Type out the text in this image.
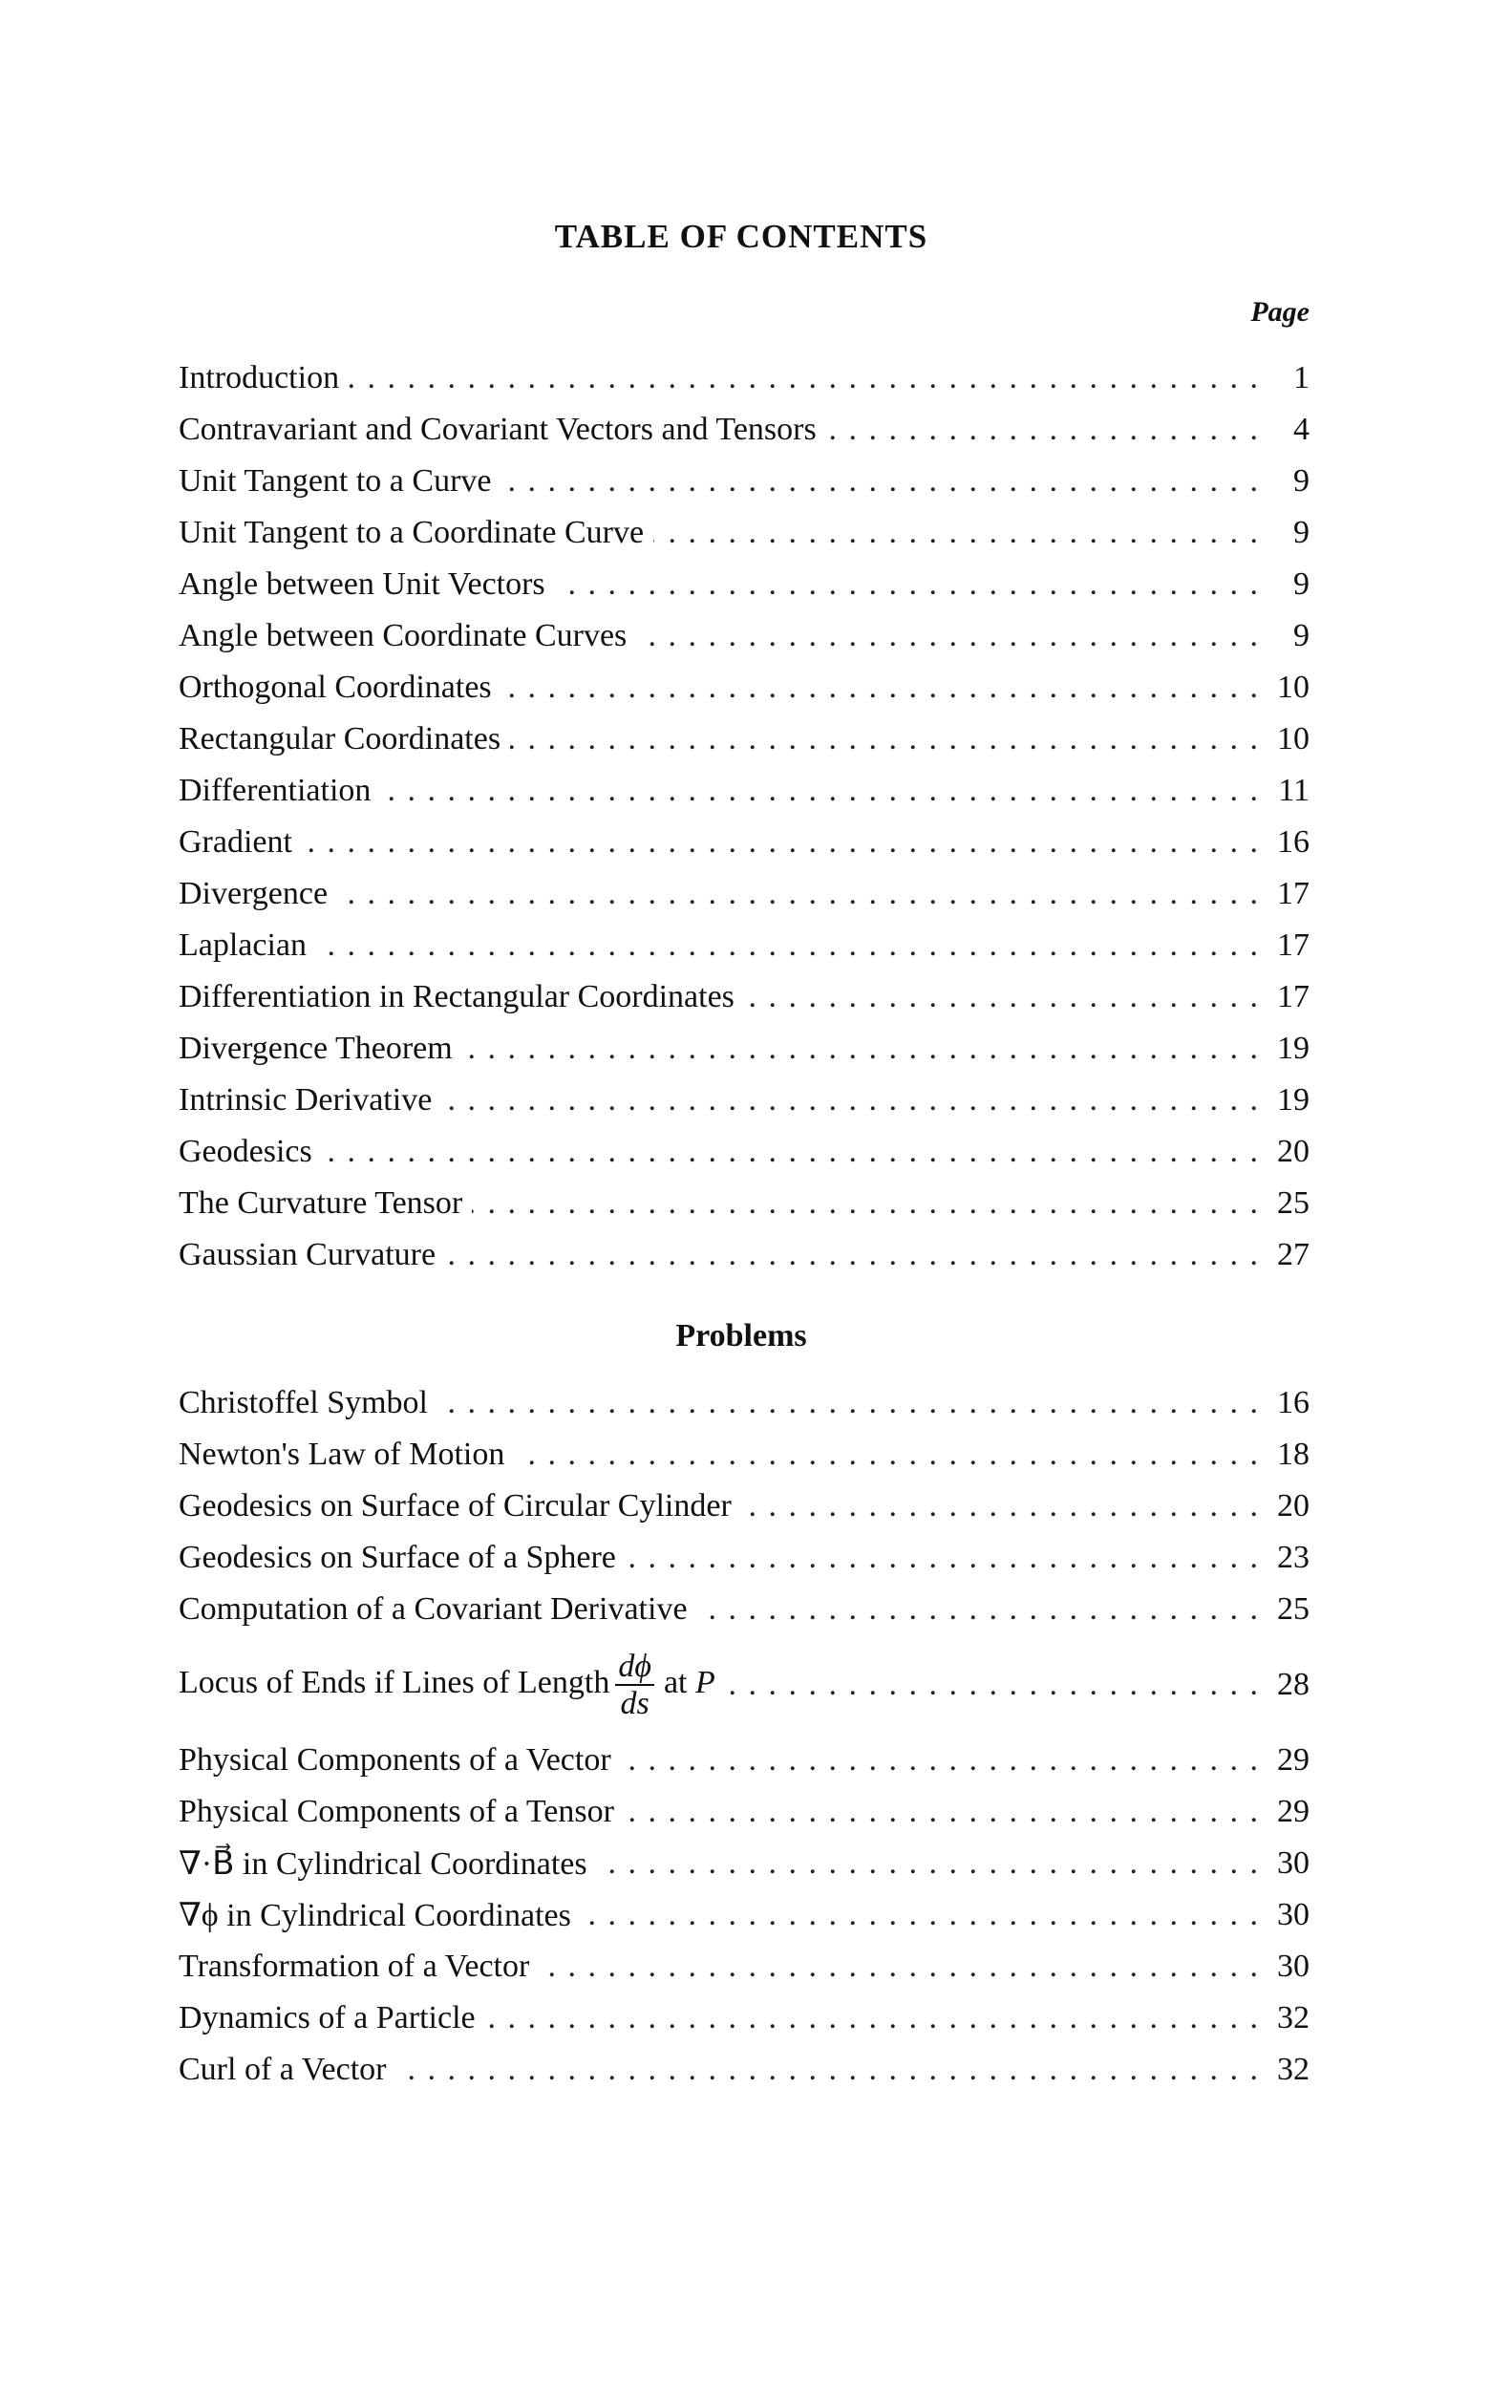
TABLE OF CONTENTS
Page
Introduction . . .	1
Contravariant and Covariant Vectors and Tensors . . .	4
Unit Tangent to a Curve . . .	9
Unit Tangent to a Coordinate Curve . . .	9
Angle between Unit Vectors . . .	9
Angle between Coordinate Curves . . .	9
Orthogonal Coordinates . . .	10
Rectangular Coordinates . . .	10
Differentiation . . .	11
Gradient . . .	16
Divergence . . .	17
Laplacian . . .	17
Differentiation in Rectangular Coordinates . . .	17
Divergence Theorem . . .	19
Intrinsic Derivative . . .	19
Geodesics . . .	20
The Curvature Tensor . . .	25
Gaussian Curvature . . .	27
Problems
Christoffel Symbol . . .	16
Newton's Law of Motion . . .	18
Geodesics on Surface of Circular Cylinder . . .	20
Geodesics on Surface of a Sphere . . .	23
Computation of a Covariant Derivative . . .	25
Locus of Ends if Lines of Length $\frac{d\phi}{ds}$ at P . . .	28
Physical Components of a Vector . . .	29
Physical Components of a Tensor . . .	29
∇·B⃗ in Cylindrical Coordinates . . .	30
∇ϕ in Cylindrical Coordinates . . .	30
Transformation of a Vector . . .	30
Dynamics of a Particle . . .	32
Curl of a Vector . . .	32
